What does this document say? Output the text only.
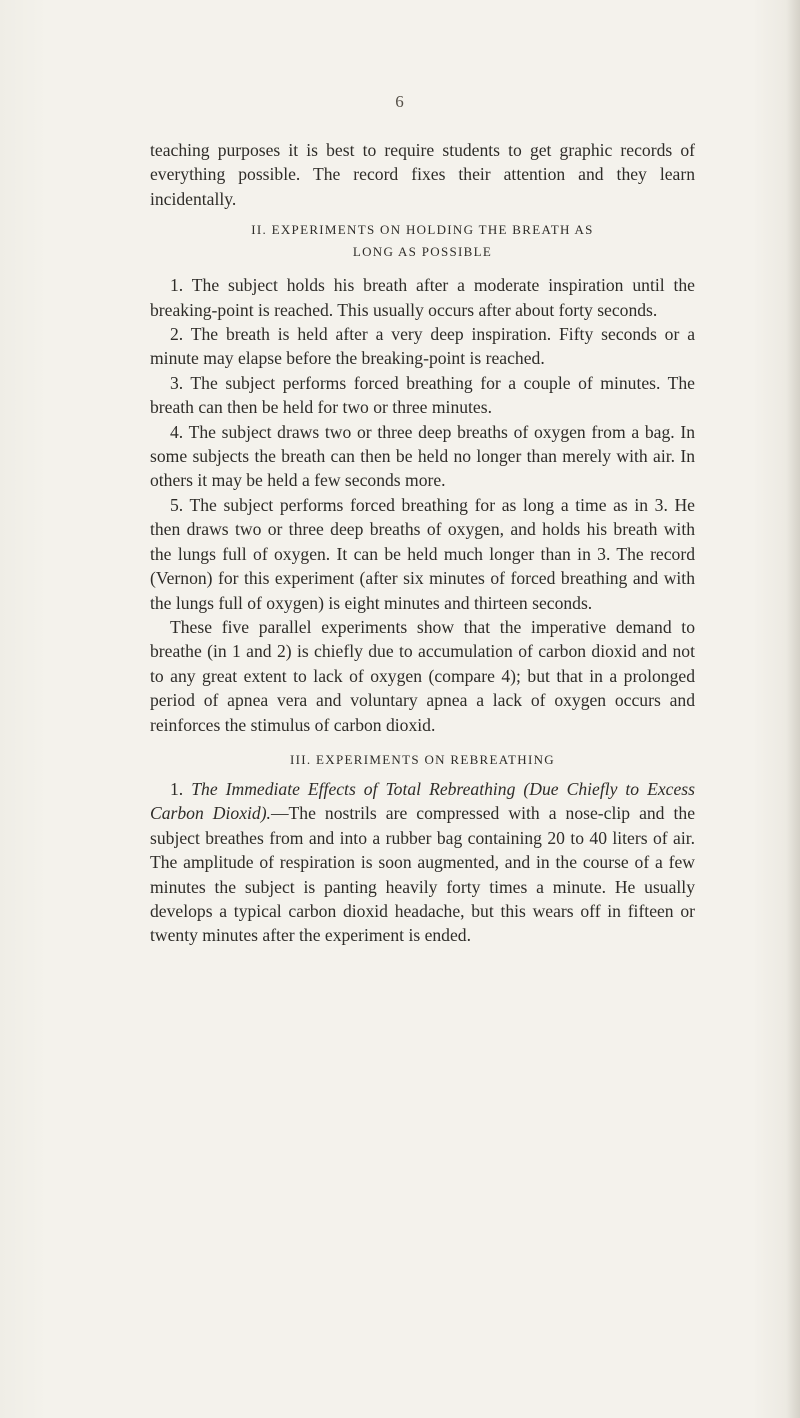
6

teaching purposes it is best to require students to get graphic records of everything possible. The record fixes their attention and they learn incidentally.

II. EXPERIMENTS ON HOLDING THE BREATH AS
LONG AS POSSIBLE

1. The subject holds his breath after a moderate inspiration until the breaking-point is reached. This usually occurs after about forty seconds.

2. The breath is held after a very deep inspiration. Fifty seconds or a minute may elapse before the breaking-point is reached.

3. The subject performs forced breathing for a couple of minutes. The breath can then be held for two or three minutes.

4. The subject draws two or three deep breaths of oxygen from a bag. In some subjects the breath can then be held no longer than merely with air. In others it may be held a few seconds more.

5. The subject performs forced breathing for as long a time as in 3. He then draws two or three deep breaths of oxygen, and holds his breath with the lungs full of oxygen. It can be held much longer than in 3. The record (Vernon) for this experiment (after six minutes of forced breathing and with the lungs full of oxygen) is eight minutes and thirteen seconds.

These five parallel experiments show that the imperative demand to breathe (in 1 and 2) is chiefly due to accumulation of carbon dioxid and not to any great extent to lack of oxygen (compare 4); but that in a prolonged period of apnea vera and voluntary apnea a lack of oxygen occurs and reinforces the stimulus of carbon dioxid.

III. EXPERIMENTS ON REBREATHING

1. The Immediate Effects of Total Rebreathing (Due Chiefly to Excess Carbon Dioxid).—The nostrils are compressed with a nose-clip and the subject breathes from and into a rubber bag containing 20 to 40 liters of air. The amplitude of respiration is soon augmented, and in the course of a few minutes the subject is panting heavily forty times a minute. He usually develops a typical carbon dioxid headache, but this wears off in fifteen or twenty minutes after the experiment is ended.
